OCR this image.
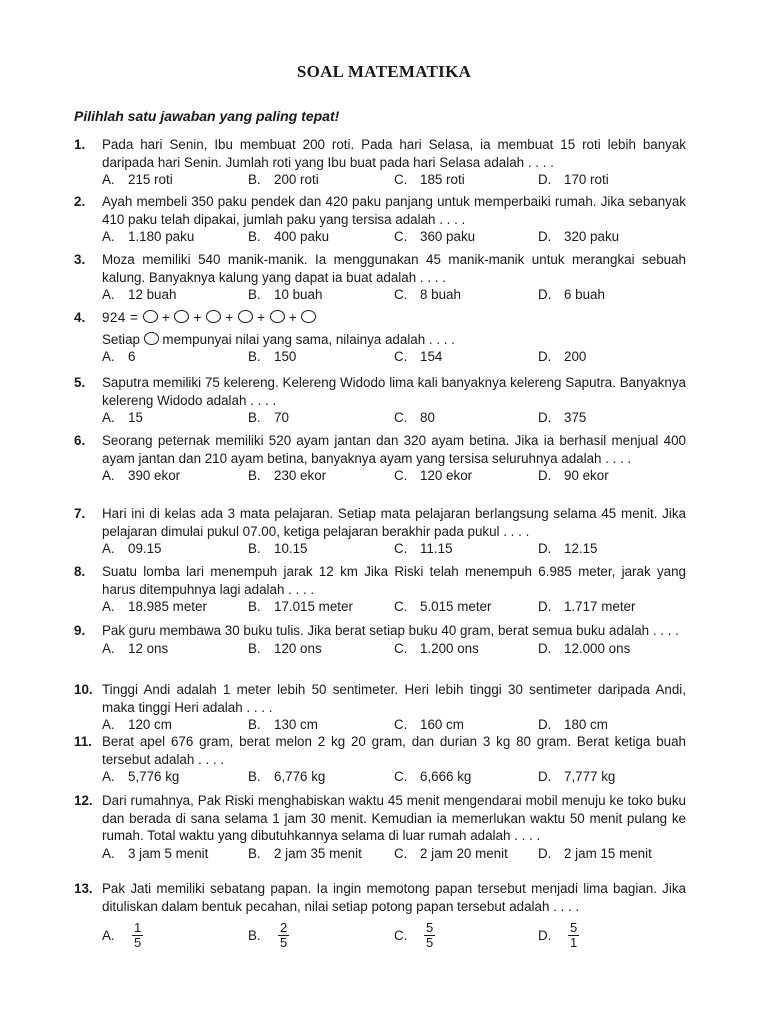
SOAL MATEMATIKA
Pilihlah satu jawaban yang paling tepat!
1. Pada hari Senin, Ibu membuat 200 roti. Pada hari Selasa, ia membuat 15 roti lebih banyak daripada hari Senin. Jumlah roti yang Ibu buat pada hari Selasa adalah . . . .
A. 215 roti	B. 200 roti	C. 185 roti	D. 170 roti
2. Ayah membeli 350 paku pendek dan 420 paku panjang untuk memperbaiki rumah. Jika sebanyak 410 paku telah dipakai, jumlah paku yang tersisa adalah . . . .
A. 1.180 paku	B. 400 paku	C. 360 paku	D. 320 paku
3. Moza memiliki 540 manik-manik. Ia menggunakan 45 manik-manik untuk merangkai sebuah kalung. Banyaknya kalung yang dapat ia buat adalah . . . .
A. 12 buah	B. 10 buah	C. 8 buah	D. 6 buah
4. 924 =  +  +  +  +  +
Setiap  mempunyai nilai yang sama, nilainya adalah . . . .
A. 6	B. 150	C. 154	D. 200
5. Saputra memiliki 75 kelereng. Kelereng Widodo lima kali banyaknya kelereng Saputra. Banyaknya kelereng Widodo adalah . . . .
A. 15	B. 70	C. 80	D. 375
6. Seorang peternak memiliki 520 ayam jantan dan 320 ayam betina. Jika ia berhasil menjual 400 ayam jantan dan 210 ayam betina, banyaknya ayam yang tersisa seluruhnya adalah . . . .
A. 390 ekor	B. 230 ekor	C. 120 ekor	D. 90 ekor
7. Hari ini di kelas ada 3 mata pelajaran. Setiap mata pelajaran berlangsung selama 45 menit. Jika pelajaran dimulai pukul 07.00, ketiga pelajaran berakhir pada pukul . . . .
A. 09.15	B. 10.15	C. 11.15	D. 12.15
8. Suatu lomba lari menempuh jarak 12 km Jika Riski telah menempuh 6.985 meter, jarak yang harus ditempuhnya lagi adalah . . . .
A. 18.985 meter	B. 17.015 meter	C. 5.015 meter	D. 1.717 meter
9. Pak guru membawa 30 buku tulis. Jika berat setiap buku 40 gram, berat semua buku adalah . . . .
A. 12 ons	B. 120 ons	C. 1.200 ons	D. 12.000 ons
10. Tinggi Andi adalah 1 meter lebih 50 sentimeter. Heri lebih tinggi 30 sentimeter daripada Andi, maka tinggi Heri adalah . . . .
A. 120 cm	B. 130 cm	C. 160 cm	D. 180 cm
11. Berat apel 676 gram, berat melon 2 kg 20 gram, dan durian 3 kg 80 gram. Berat ketiga buah tersebut adalah . . . .
A. 5,776 kg	B. 6,776 kg	C. 6,666 kg	D. 7,777 kg
12. Dari rumahnya, Pak Riski menghabiskan waktu 45 menit mengendarai mobil menuju ke toko buku dan berada di sana selama 1 jam 30 menit. Kemudian ia memerlukan waktu 50 menit pulang ke rumah. Total waktu yang dibutuhkannya selama di luar rumah adalah . . . .
A. 3 jam 5 menit	B. 2 jam 35 menit C. 2 jam 20 menit D. 2 jam 15 menit
13. Pak Jati memiliki sebatang papan. Ia ingin memotong papan tersebut menjadi lima bagian. Jika dituliskan dalam bentuk pecahan, nilai setiap potong papan tersebut adalah . . . .
A. $\frac{1}{5}$	B. $\frac{2}{5}$	C. $\frac{5}{5}$	D. $\frac{5}{1}$
